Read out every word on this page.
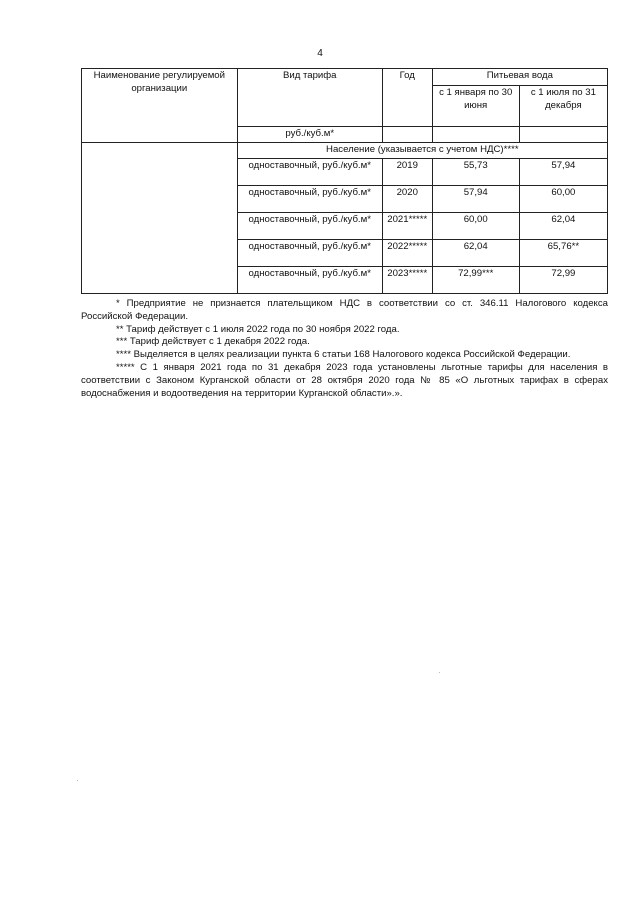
4
Наименование регулируемой организации	Вид тарифа	Год	Питьевая вода	
			с 1 января по 30 июня	с 1 июля по 31 декабря
	руб./куб.м*			
	Население (указывается с учетом НДС)****			
	одноставочный, руб./куб.м*	2019	55,73	57,94
	одноставочный, руб./куб.м*	2020	57,94	60,00
	одноставочный, руб./куб.м*	2021*****	60,00	62,04
	одноставочный, руб./куб.м*	2022*****	62,04	65,76**
	одноставочный, руб./куб.м*	2023*****	72,99***	72,99

* Предприятие не признается плательщиком НДС в соответствии со ст. 346.11 Налогового кодекса Российской Федерации.

** Тариф действует с 1 июля 2022 года по 30 ноября 2022 года.

*** Тариф действует с 1 декабря 2022 года.

**** Выделяется в целях реализации пункта 6 статьи 168 Налогового кодекса Российской Федерации.

***** С 1 января 2021 года по 31 декабря 2023 года установлены льготные тарифы для населения в соответствии с Законом Курганской области от 28 октября 2020 года № 85 «О льготных тарифах в сферах водоснабжения и водоотведения на территории Курганской области».».

·
·
